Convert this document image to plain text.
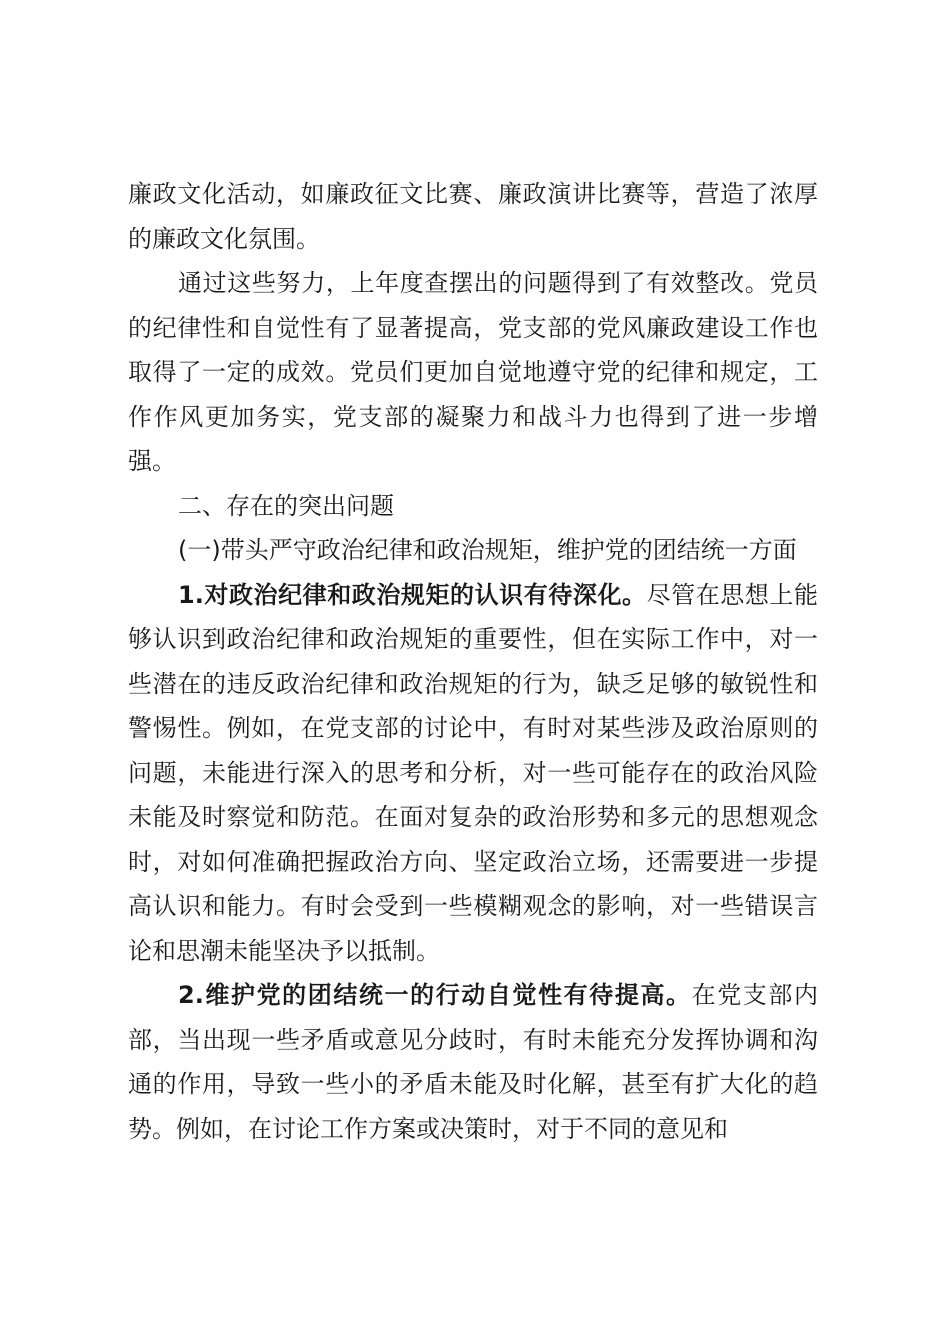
廉政文化活动，如廉政征文比赛、廉政演讲比赛等，营造了浓厚的廉政文化氛围。

通过这些努力，上年度查摆出的问题得到了有效整改。党员的纪律性和自觉性有了显著提高，党支部的党风廉政建设工作也取得了一定的成效。党员们更加自觉地遵守党的纪律和规定，工作作风更加务实，党支部的凝聚力和战斗力也得到了进一步增强。

二、存在的突出问题

(一)带头严守政治纪律和政治规矩，维护党的团结统一方面

1.对政治纪律和政治规矩的认识有待深化。尽管在思想上能够认识到政治纪律和政治规矩的重要性，但在实际工作中，对一些潜在的违反政治纪律和政治规矩的行为，缺乏足够的敏锐性和警惕性。例如，在党支部的讨论中，有时对某些涉及政治原则的问题，未能进行深入的思考和分析，对一些可能存在的政治风险未能及时察觉和防范。在面对复杂的政治形势和多元的思想观念时，对如何准确把握政治方向、坚定政治立场，还需要进一步提高认识和能力。有时会受到一些模糊观念的影响，对一些错误言论和思潮未能坚决予以抵制。

2.维护党的团结统一的行动自觉性有待提高。在党支部内部，当出现一些矛盾或意见分歧时，有时未能充分发挥协调和沟通的作用，导致一些小的矛盾未能及时化解，甚至有扩大化的趋势。例如，在讨论工作方案或决策时，对于不同的意见和
